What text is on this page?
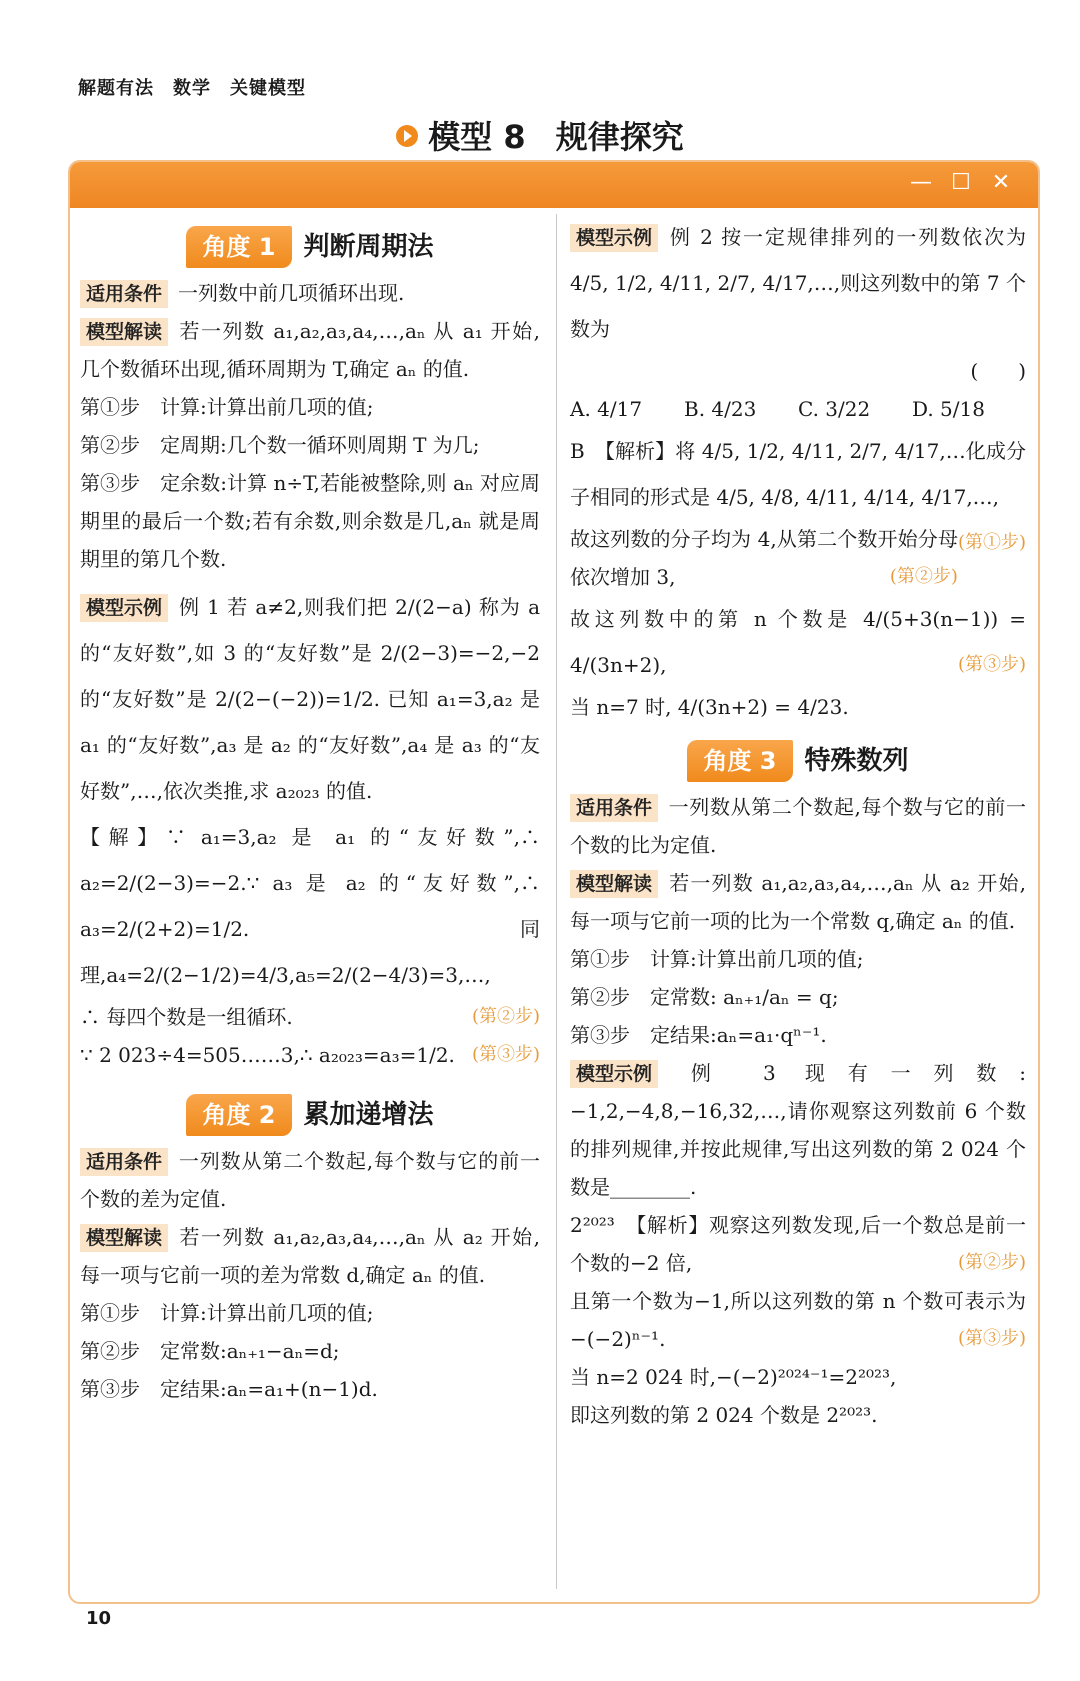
解题有法　数学　关键模型
模型 8 规律探究
— ☐ ✕
角度 1	判断周期法

适用条件 一列数中前几项循环出现.

模型解读 若一列数 a₁,a₂,a₃,a₄,…,aₙ 从 a₁ 开始,几个数循环出现,循环周期为 T,确定 aₙ 的值.

第①步　计算:计算出前几项的值;

第②步　定周期:几个数一循环则周期 T 为几;

第③步　定余数:计算 n÷T,若能被整除,则 aₙ 对应周期里的最后一个数;若有余数,则余数是几,aₙ 就是周期里的第几个数.

模型示例 例 1 若 a≠2,则我们把 2/(2−a) 称为 a 的“友好数”,如 3 的“友好数”是 2/(2−3)=−2,−2 的“友好数”是 2/(2−(−2))=1/2. 已知 a₁=3,a₂ 是 a₁ 的“友好数”,a₃ 是 a₂ 的“友好数”,a₄ 是 a₃ 的“友好数”,…,依次类推,求 a₂₀₂₃ 的值.

【解】∵ a₁=3,a₂ 是 a₁ 的“友好数”,∴ a₂=2/(2−3)=−2.∵ a₃ 是 a₂ 的“友好数”,∴ a₃=2/(2+2)=1/2. 同理,a₄=2/(2−1/2)=4/3,a₅=2/(2−4/3)=3,…,

∴ 每四个数是一组循环.	(第②步)

∵ 2 023÷4=505……3,∴ a₂₀₂₃=a₃=1/2. (第③步)

角度 2	累加递增法

适用条件 一列数从第二个数起,每个数与它的前一个数的差为定值.

模型解读 若一列数 a₁,a₂,a₃,a₄,…,aₙ 从 a₂ 开始,每一项与它前一项的差为常数 d,确定 aₙ 的值.

第①步　计算:计算出前几项的值;

第②步　定常数:aₙ₊₁−aₙ=d;

第③步　定结果:aₙ=a₁+(n−1)d.

模型示例 例 2 按一定规律排列的一列数依次为 4/5, 1/2, 4/11, 2/7, 4/17,…,则这列数中的第 7 个数为

(　　)

A. 4/17	B. 4/23	C. 3/22	D. 5/18

B　【解析】将 4/5, 1/2, 4/11, 2/7, 4/17,…化成分子相同的形式是 4/5, 4/8, 4/11, 4/14, 4/17,…,
(第①步)

故这列数的分子均为 4,从第二个数开始分母依次增加 3,	(第②步)

故这列数中的第 n 个数是 4/(5+3(n−1)) = 4/(3n+2),	(第③步)

当 n=7 时, 4/(3n+2) = 4/23.

角度 3	特殊数列

适用条件 一列数从第二个数起,每个数与它的前一个数的比为定值.

模型解读 若一列数 a₁,a₂,a₃,a₄,…,aₙ 从 a₂ 开始,每一项与它前一项的比为一个常数 q,确定 aₙ 的值.

第①步　计算:计算出前几项的值;

第②步　定常数: aₙ₊₁/aₙ = q;

第③步　定结果:aₙ=a₁·qⁿ⁻¹.

模型示例 例 3 现有一列数:−1,2,−4,8,−16,32,…,请你观察这列数前 6 个数的排列规律,并按此规律,写出这列数的第 2 024 个数是________.

2²⁰²³　【解析】观察这列数发现,后一个数总是前一个数的−2 倍,	(第②步)

且第一个数为−1,所以这列数的第 n 个数可表示为−(−2)ⁿ⁻¹.	(第③步)

当 n=2 024 时,−(−2)²⁰²⁴⁻¹=2²⁰²³,

即这列数的第 2 024 个数是 2²⁰²³.

10
